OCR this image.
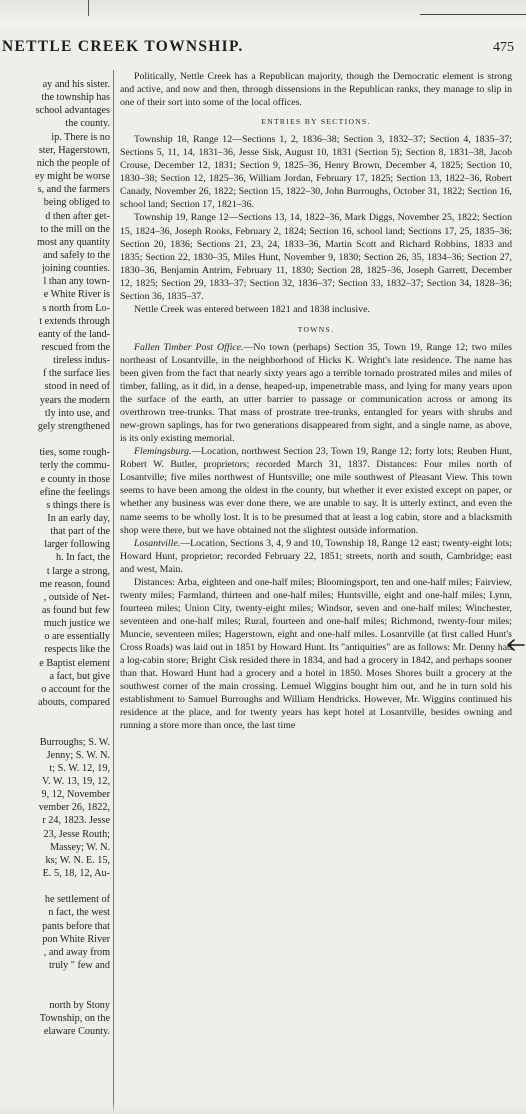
NETTLE CREEK TOWNSHIP.	475
ay and his sister.
the township has
school advantages
the county.
ip. There is no
ster, Hagerstown,
nich the people of
ey might be worse
s, and the farmers
being obliged to
d then after get-
to the mill on the
most any quantity
and safely to the
joining counties.
l than any town-
e White River is
s north from Lo-
t extends through
eanty of the land-
rescued from the
tireless indus-
f the surface lies
stood in need of
years the modern
tly into use, and
gely strengthened
ties, some rough-
terly the commu-
e county in those
efine the feelings
s things there is
In an early day,
that part of the
larger following
h. In fact, the
t large a strong,
me reason, found
, outside of Net-
as found but few
much justice we
o are essentially
respects like the
e Baptist element
a fact, but give
o account for the
abouts, compared
Burroughs; S. W.
Jenny; S. W. N.
t; S. W. 12, 19,
V. W. 13, 19, 12,
9, 12, November
vember 26, 1822,
r 24, 1823. Jesse
23, Jesse Routh;
Massey; W. N.
ks; W. N. E. 15,
E. 5, 18, 12, Au-
he settlement of
n fact, the west
pants before that
pon White River
, and away from
truly " few and
north by Stony
Township, on the
elaware County.

Politically, Nettle Creek has a Republican majority, though the Democratic element is strong and active, and now and then, through dissensions in the Republican ranks, they manage to slip in one of their sort into some of the local offices.

ENTRIES BY SECTIONS.

Township 18, Range 12—Sections 1, 2, 1836–38; Section 3, 1832–37; Section 4, 1835–37; Sections 5, 11, 14, 1831–36, Jesse Sisk, August 10, 1831 (Section 5); Section 8, 1831–38, Jacob Crouse, December 12, 1831; Section 9, 1825–36, Henry Brown, December 4, 1825; Section 10, 1830–38; Section 12, 1825–36, William Jordan, February 17, 1825; Section 13, 1822–36, Robert Canady, November 26, 1822; Section 15, 1822–30, John Burroughs, October 31, 1822; Section 16, school land; Section 17, 1821–36.

Township 19, Range 12—Sections 13, 14, 1822–36, Mark Diggs, November 25, 1822; Section 15, 1824–36, Joseph Rooks, February 2, 1824; Section 16, school land; Sections 17, 25, 1835–36; Section 20, 1836; Sections 21, 23, 24, 1833–36, Martin Scott and Richard Robbins, 1833 and 1835; Section 22, 1830–35, Miles Hunt, November 9, 1830; Section 26, 35, 1834–36; Section 27, 1830–36, Benjamin Antrim, February 11, 1830; Section 28, 1825–36, Joseph Garrett, December 12, 1825; Section 29, 1833–37; Section 32, 1836–37; Section 33, 1832–37; Section 34, 1828–36; Section 36, 1835–37.

Nettle Creek was entered between 1821 and 1838 inclusive.

TOWNS.

Fallen Timber Post Office.—No town (perhaps) Section 35, Town 19, Range 12; two miles northeast of Losantville, in the neighborhood of Hicks K. Wright's late residence. The name has been given from the fact that nearly sixty years ago a terrible tornado prostrated miles and miles of timber, falling, as it did, in a dense, heaped-up, impenetrable mass, and lying for many years upon the surface of the earth, an utter barrier to passage or communication across or among its overthrown tree-trunks. That mass of prostrate tree-trunks, entangled for years with shrubs and new-grown saplings, has for two generations disappeared from sight, and a single name, as above, is its only existing memorial.

Flemingsburg.—Location, northwest Section 23, Town 19, Range 12; forty lots; Reuben Hunt, Robert W. Butler, proprietors; recorded March 31, 1837. Distances: Four miles north of Losantville; five miles northwest of Huntsville; one mile southwest of Pleasant View. This town seems to have been among the oldest in the county, but whether it ever existed except on paper, or whether any business was ever done there, we are unable to say. It is utterly extinct, and even the name seems to be wholly lost. It is to be presumed that at least a log cabin, store and a blacksmith shop were there, but we have obtained not the slightest outside information.

Losantville.—Location, Sections 3, 4, 9 and 10, Township 18, Range 12 east; twenty-eight lots; Howard Hunt, proprietor; recorded February 22, 1851; streets, north and south, Cambridge; east and west, Main.

Distances: Arba, eighteen and one-half miles; Bloomingsport, ten and one-half miles; Fairview, twenty miles; Farmland, thirteen and one-half miles; Huntsville, eight and one-half miles; Lynn, fourteen miles; Union City, twenty-eight miles; Windsor, seven and one-half miles; Winchester, seventeen and one-half miles; Rural, fourteen and one-half miles; Richmond, twenty-four miles; Muncie, seventeen miles; Hagerstown, eight and one-half miles. Losantville (at first called Hunt's Cross Roads) was laid out in 1851 by Howard Hunt. Its "antiquities" are as follows: Mr. Denny had a log-cabin store; Bright Cisk resided there in 1834, and had a grocery in 1842, and perhaps sooner than that. Howard Hunt had a grocery and a hotel in 1850. Moses Shores built a grocery at the southwest corner of the main crossing. Lemuel Wiggins bought him out, and he in turn sold his establishment to Samuel Burroughs and William Hendricks. However, Mr. Wiggins continued his residence at the place, and for twenty years has kept hotel at Losantville, besides owning and running a store more than once, the last time
